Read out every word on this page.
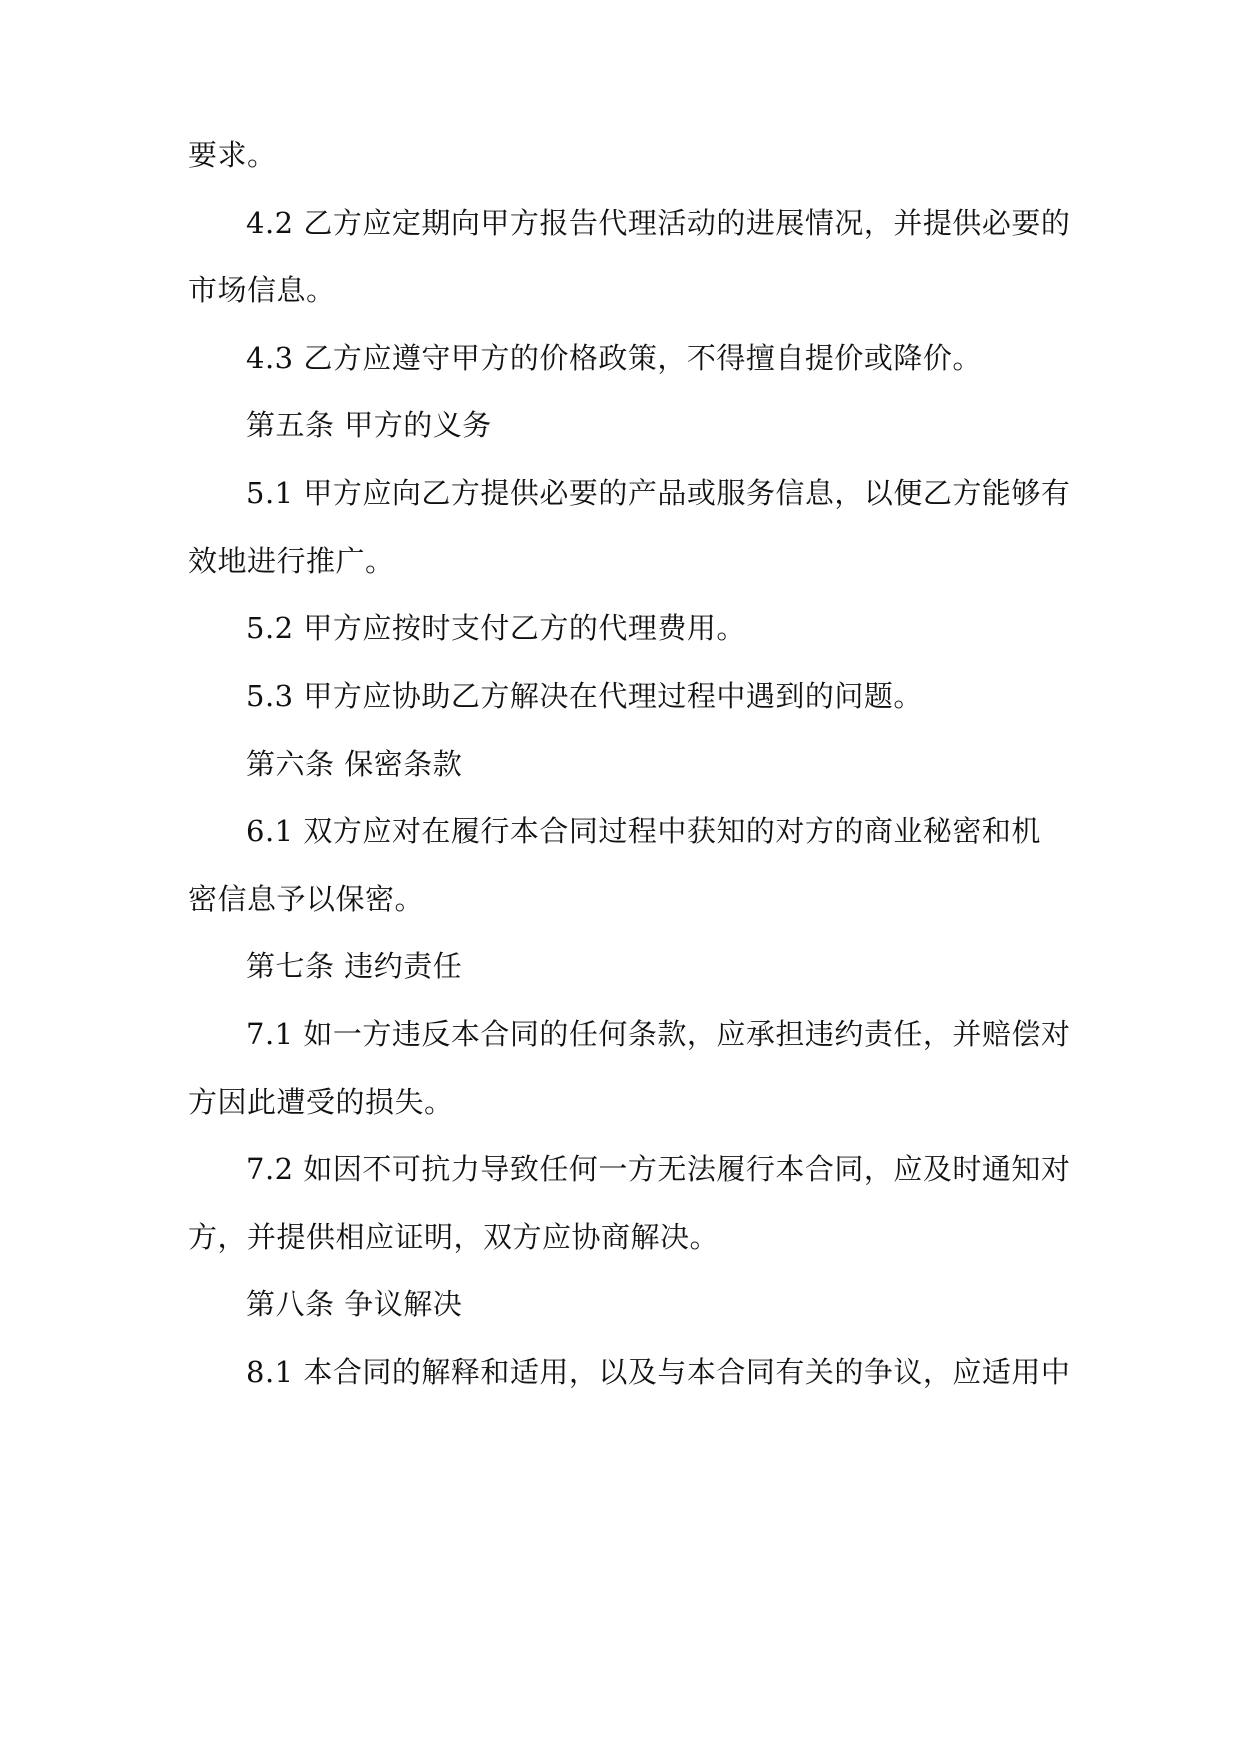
要求。
4.2 乙方应定期向甲方报告代理活动的进展情况，并提供必要的
市场信息。
4.3 乙方应遵守甲方的价格政策，不得擅自提价或降价。
第五条 甲方的义务
5.1 甲方应向乙方提供必要的产品或服务信息，以便乙方能够有
效地进行推广。
5.2 甲方应按时支付乙方的代理费用。
5.3 甲方应协助乙方解决在代理过程中遇到的问题。
第六条 保密条款
6.1 双方应对在履行本合同过程中获知的对方的商业秘密和机
密信息予以保密。
第七条 违约责任
7.1 如一方违反本合同的任何条款，应承担违约责任，并赔偿对
方因此遭受的损失。
7.2 如因不可抗力导致任何一方无法履行本合同，应及时通知对
方，并提供相应证明，双方应协商解决。
第八条 争议解决
8.1 本合同的解释和适用，以及与本合同有关的争议，应适用中
